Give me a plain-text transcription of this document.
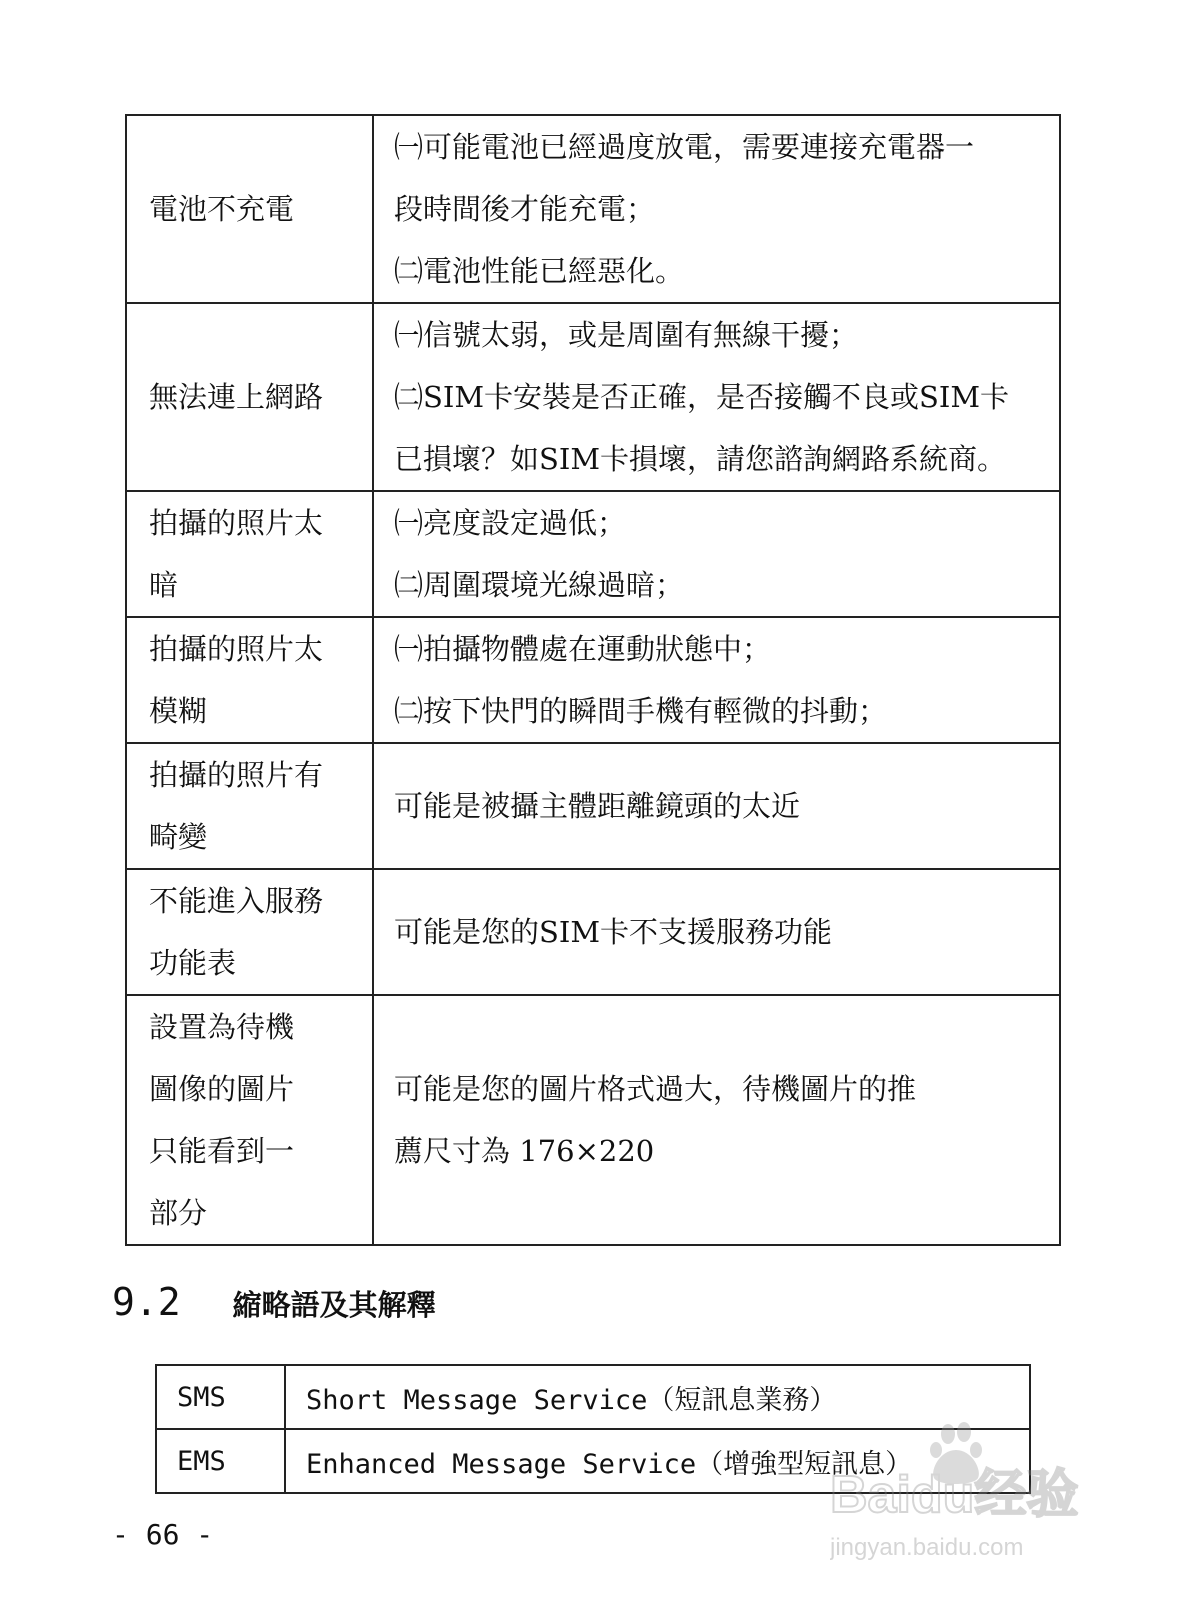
電池不充電	㈠可能電池已經過度放電，需要連接充電器一
段時間後才能充電；
㈡電池性能已經惡化。

無法連上網路	㈠信號太弱，或是周圍有無線干擾；
㈡SIM卡安裝是否正確，是否接觸不良或SIM卡
已損壞？如SIM卡損壞，請您諮詢網路系統商。

拍攝的照片太
暗	㈠亮度設定過低；
㈡周圍環境光線過暗；

拍攝的照片太
模糊	㈠拍攝物體處在運動狀態中；
㈡按下快門的瞬間手機有輕微的抖動；

拍攝的照片有
畸變	可能是被攝主體距離鏡頭的太近

不能進入服務
功能表	可能是您的SIM卡不支援服務功能

設置為待機
圖像的圖片
只能看到一
部分	可能是您的圖片格式過大，待機圖片的推
薦尺寸為 176×220
9.2 縮略語及其解釋
SMS	Short Message Service（短訊息業務）
EMS	Enhanced Message Service（增強型短訊息）
- 66 -
Baidu经验
jingyan.baidu.com
